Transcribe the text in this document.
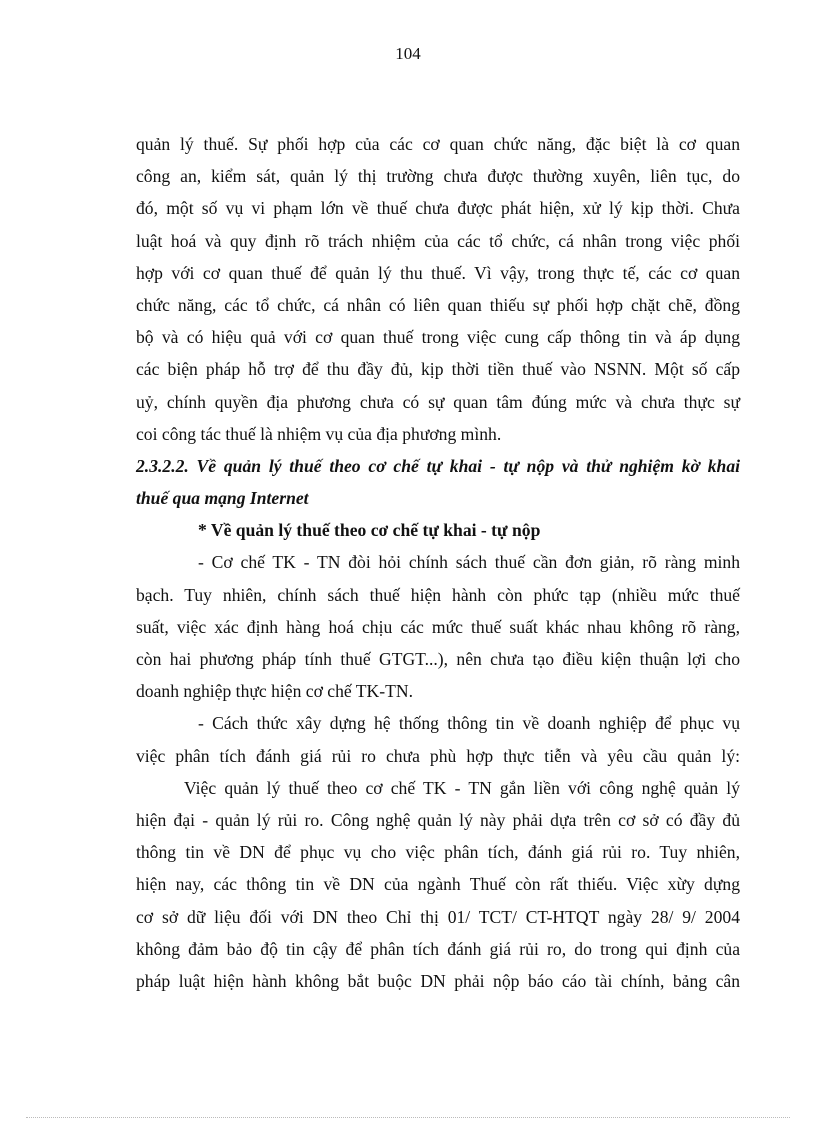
104
quản lý thuế. Sự phối hợp của các cơ quan chức năng, đặc biệt là cơ quan
công an, kiểm sát, quản lý thị trường chưa được thường xuyên, liên tục, do
đó, một số vụ vi phạm lớn về thuế chưa được phát hiện, xử lý kịp thời. Chưa
luật hoá và quy định rõ trách nhiệm của các tổ chức, cá nhân trong việc phối
hợp với cơ quan thuế để quản lý thu thuế. Vì vậy, trong thực tế, các cơ quan
chức năng, các tổ chức, cá nhân có liên quan thiếu sự phối hợp chặt chẽ, đồng
bộ và có hiệu quả với cơ quan thuế trong việc cung cấp thông tin và áp dụng
các biện pháp hỗ trợ để thu đầy đủ, kịp thời tiền thuế vào NSNN. Một số cấp
uỷ, chính quyền địa phương chưa có sự quan tâm đúng mức và chưa thực sự
coi công tác thuế là nhiệm vụ của địa phương mình.
2.3.2.2. Về quản lý thuế theo cơ chế tự khai - tự nộp và thử nghiệm kờ khai
thuế qua mạng Internet
* Về quản lý thuế theo cơ chế tự khai - tự nộp
- Cơ chế TK - TN đòi hỏi chính sách thuế cần đơn giản, rõ ràng minh
bạch. Tuy nhiên, chính sách thuế hiện hành còn phức tạp (nhiều mức thuế
suất, việc xác định hàng hoá chịu các mức thuế suất khác nhau không rõ ràng,
còn hai phương pháp tính thuế GTGT...), nên chưa tạo điều kiện thuận lợi cho
doanh nghiệp thực hiện cơ chế TK-TN.
- Cách thức xây dựng hệ thống thông tin về doanh nghiệp để phục vụ
việc phân tích đánh giá rủi ro chưa phù hợp thực tiễn và yêu cầu quản lý:
Việc quản lý thuế theo cơ chế TK - TN gắn liền với công nghệ quản lý
hiện đại - quản lý rủi ro. Công nghệ quản lý này phải dựa trên cơ sở có đầy đủ
thông tin về DN để phục vụ cho việc phân tích, đánh giá rủi ro. Tuy nhiên,
hiện nay, các thông tin về DN của ngành Thuế còn rất thiếu. Việc xừy dựng
cơ sở dữ liệu đối với DN theo Chỉ thị 01/ TCT/ CT-HTQT ngày 28/ 9/ 2004
không đảm bảo độ tin cậy để phân tích đánh giá rủi ro, do trong qui định của
pháp luật hiện hành không bắt buộc DN phải nộp báo cáo tài chính, bảng cân
